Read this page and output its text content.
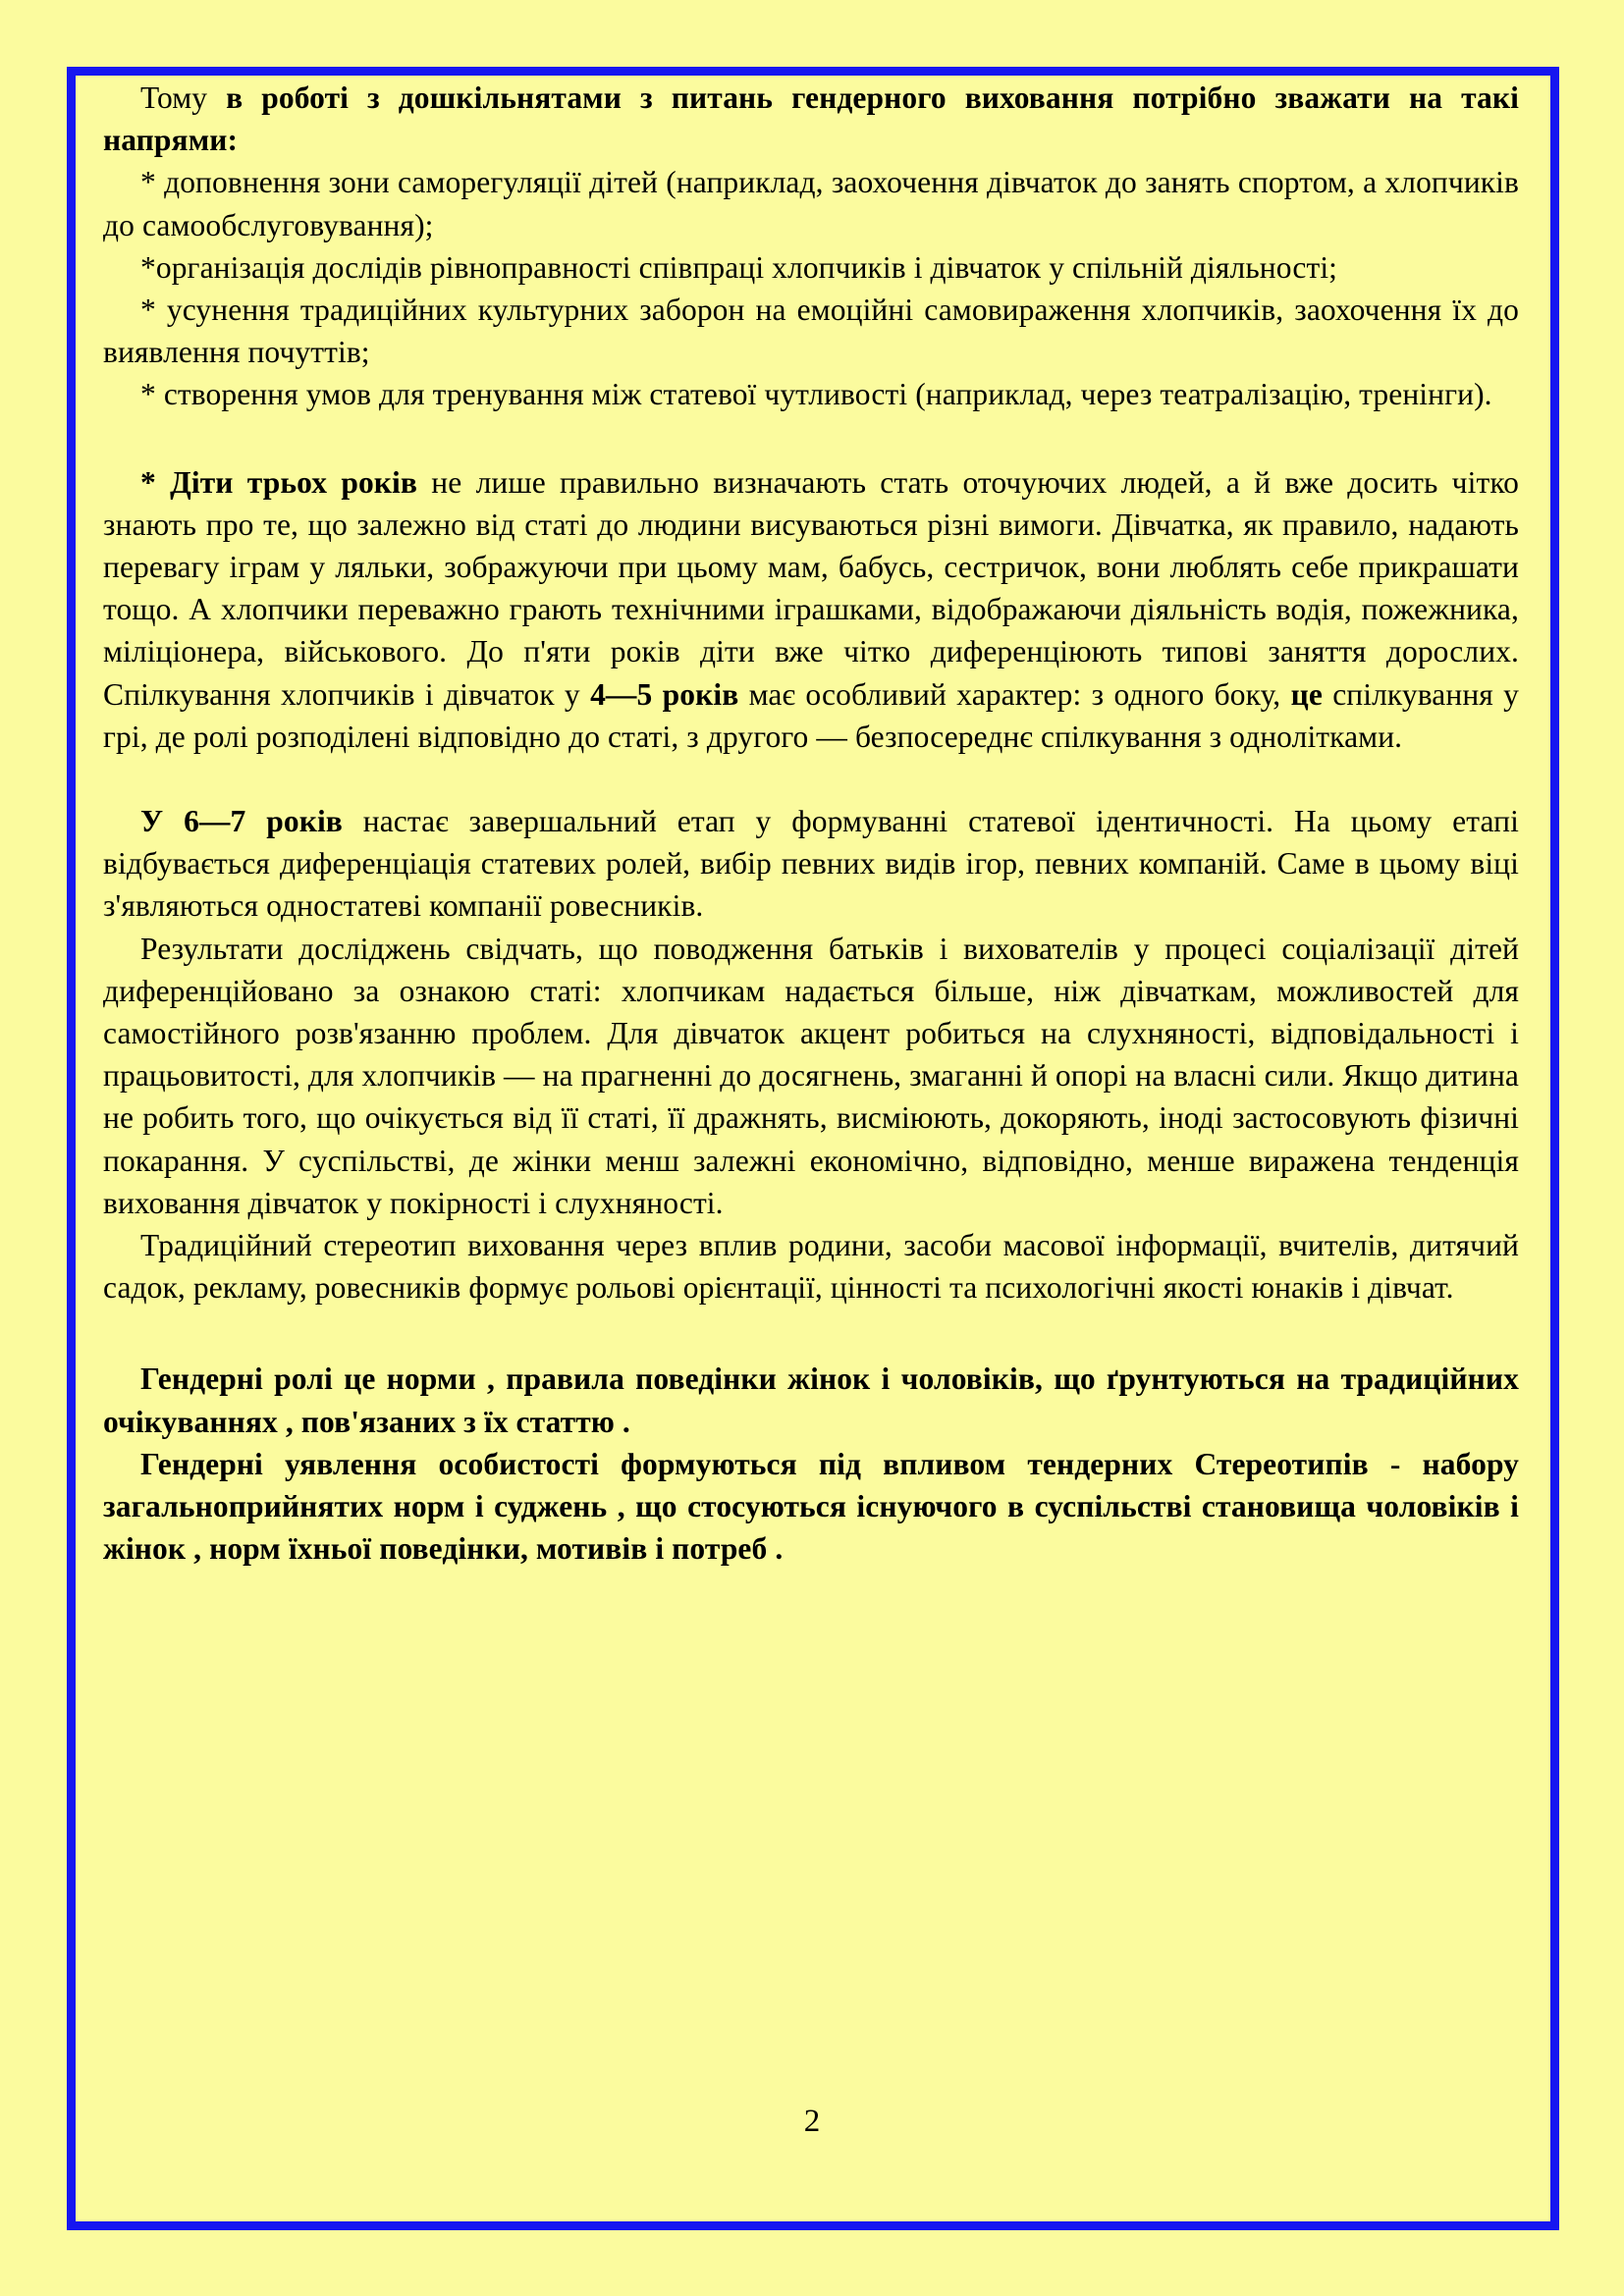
Тому в роботі з дошкільнятами з питань гендерного виховання потрібно зважати на такі напрями:

* доповнення зони саморегуляції дітей (наприклад, заохочення дівчаток до занять спортом, а хлопчиків до самообслуговування);

*організація дослідів рівноправності співпраці хлопчиків і дівчаток у спільній діяльності;

* усунення традиційних культурних заборон на емоційні самовираження хлопчиків, заохочення їх до виявлення почуттів;

* створення умов для тренування між статевої чутливості (наприклад, через театралізацію, тренінги).

* Діти трьох років не лише правильно визначають стать оточуючих людей, а й вже досить чітко знають про те, що залежно від статі до людини висуваються різні вимоги. Дівчатка, як правило, надають перевагу іграм у ляльки, зображуючи при цьому мам, бабусь, сестричок, вони люблять себе прикрашати тощо. А хлопчики переважно грають технічними іграшками, відображаючи діяльність водія, пожежника, міліціонера, військового. До п'яти років діти вже чітко диференціюють типові заняття дорослих. Спілкування хлопчиків і дівчаток у 4—5 років має особливий характер: з одного боку, це спілкування у грі, де ролі розподілені відповідно до статі, з другого — безпосереднє спілкування з однолітками.

У 6—7 років настає завершальний етап у формуванні статевої ідентичності. На цьому етапі відбувається диференціація статевих ролей, вибір певних видів ігор, певних компаній. Саме в цьому віці з'являються одностатеві компанії ровесників.

Результати досліджень свідчать, що поводження батьків і вихователів у процесі соціалізації дітей диференційовано за ознакою статі: хлопчикам надається більше, ніж дівчаткам, можливостей для самостійного розв'язанню проблем. Для дівчаток акцент робиться на слухняності, відповідальності і працьовитості, для хлопчиків — на прагненні до досягнень, змаганні й опорі на власні сили. Якщо дитина не робить того, що очікується від її статі, її дражнять, висміюють, докоряють, іноді застосовують фізичні покарання. У суспільстві, де жінки менш залежні економічно, відповідно, менше виражена тенденція виховання дівчаток у покірності і слухняності.

Традиційний стереотип виховання через вплив родини, засоби масової інформації, вчителів, дитячий садок, рекламу, ровесників формує рольові орієнтації, цінності та психологічні якості юнаків і дівчат.

Гендерні ролі це норми , правила поведінки жінок і чоловіків, що ґрунтуються на традиційних очікуваннях , пов'язаних з їх статтю .

Гендерні уявлення особистості формуються під впливом тендерних Стереотипів - набору загальноприйнятих норм і суджень , що стосуються існуючого в суспільстві становища чоловіків і жінок , норм їхньої поведінки, мотивів і потреб .

2
